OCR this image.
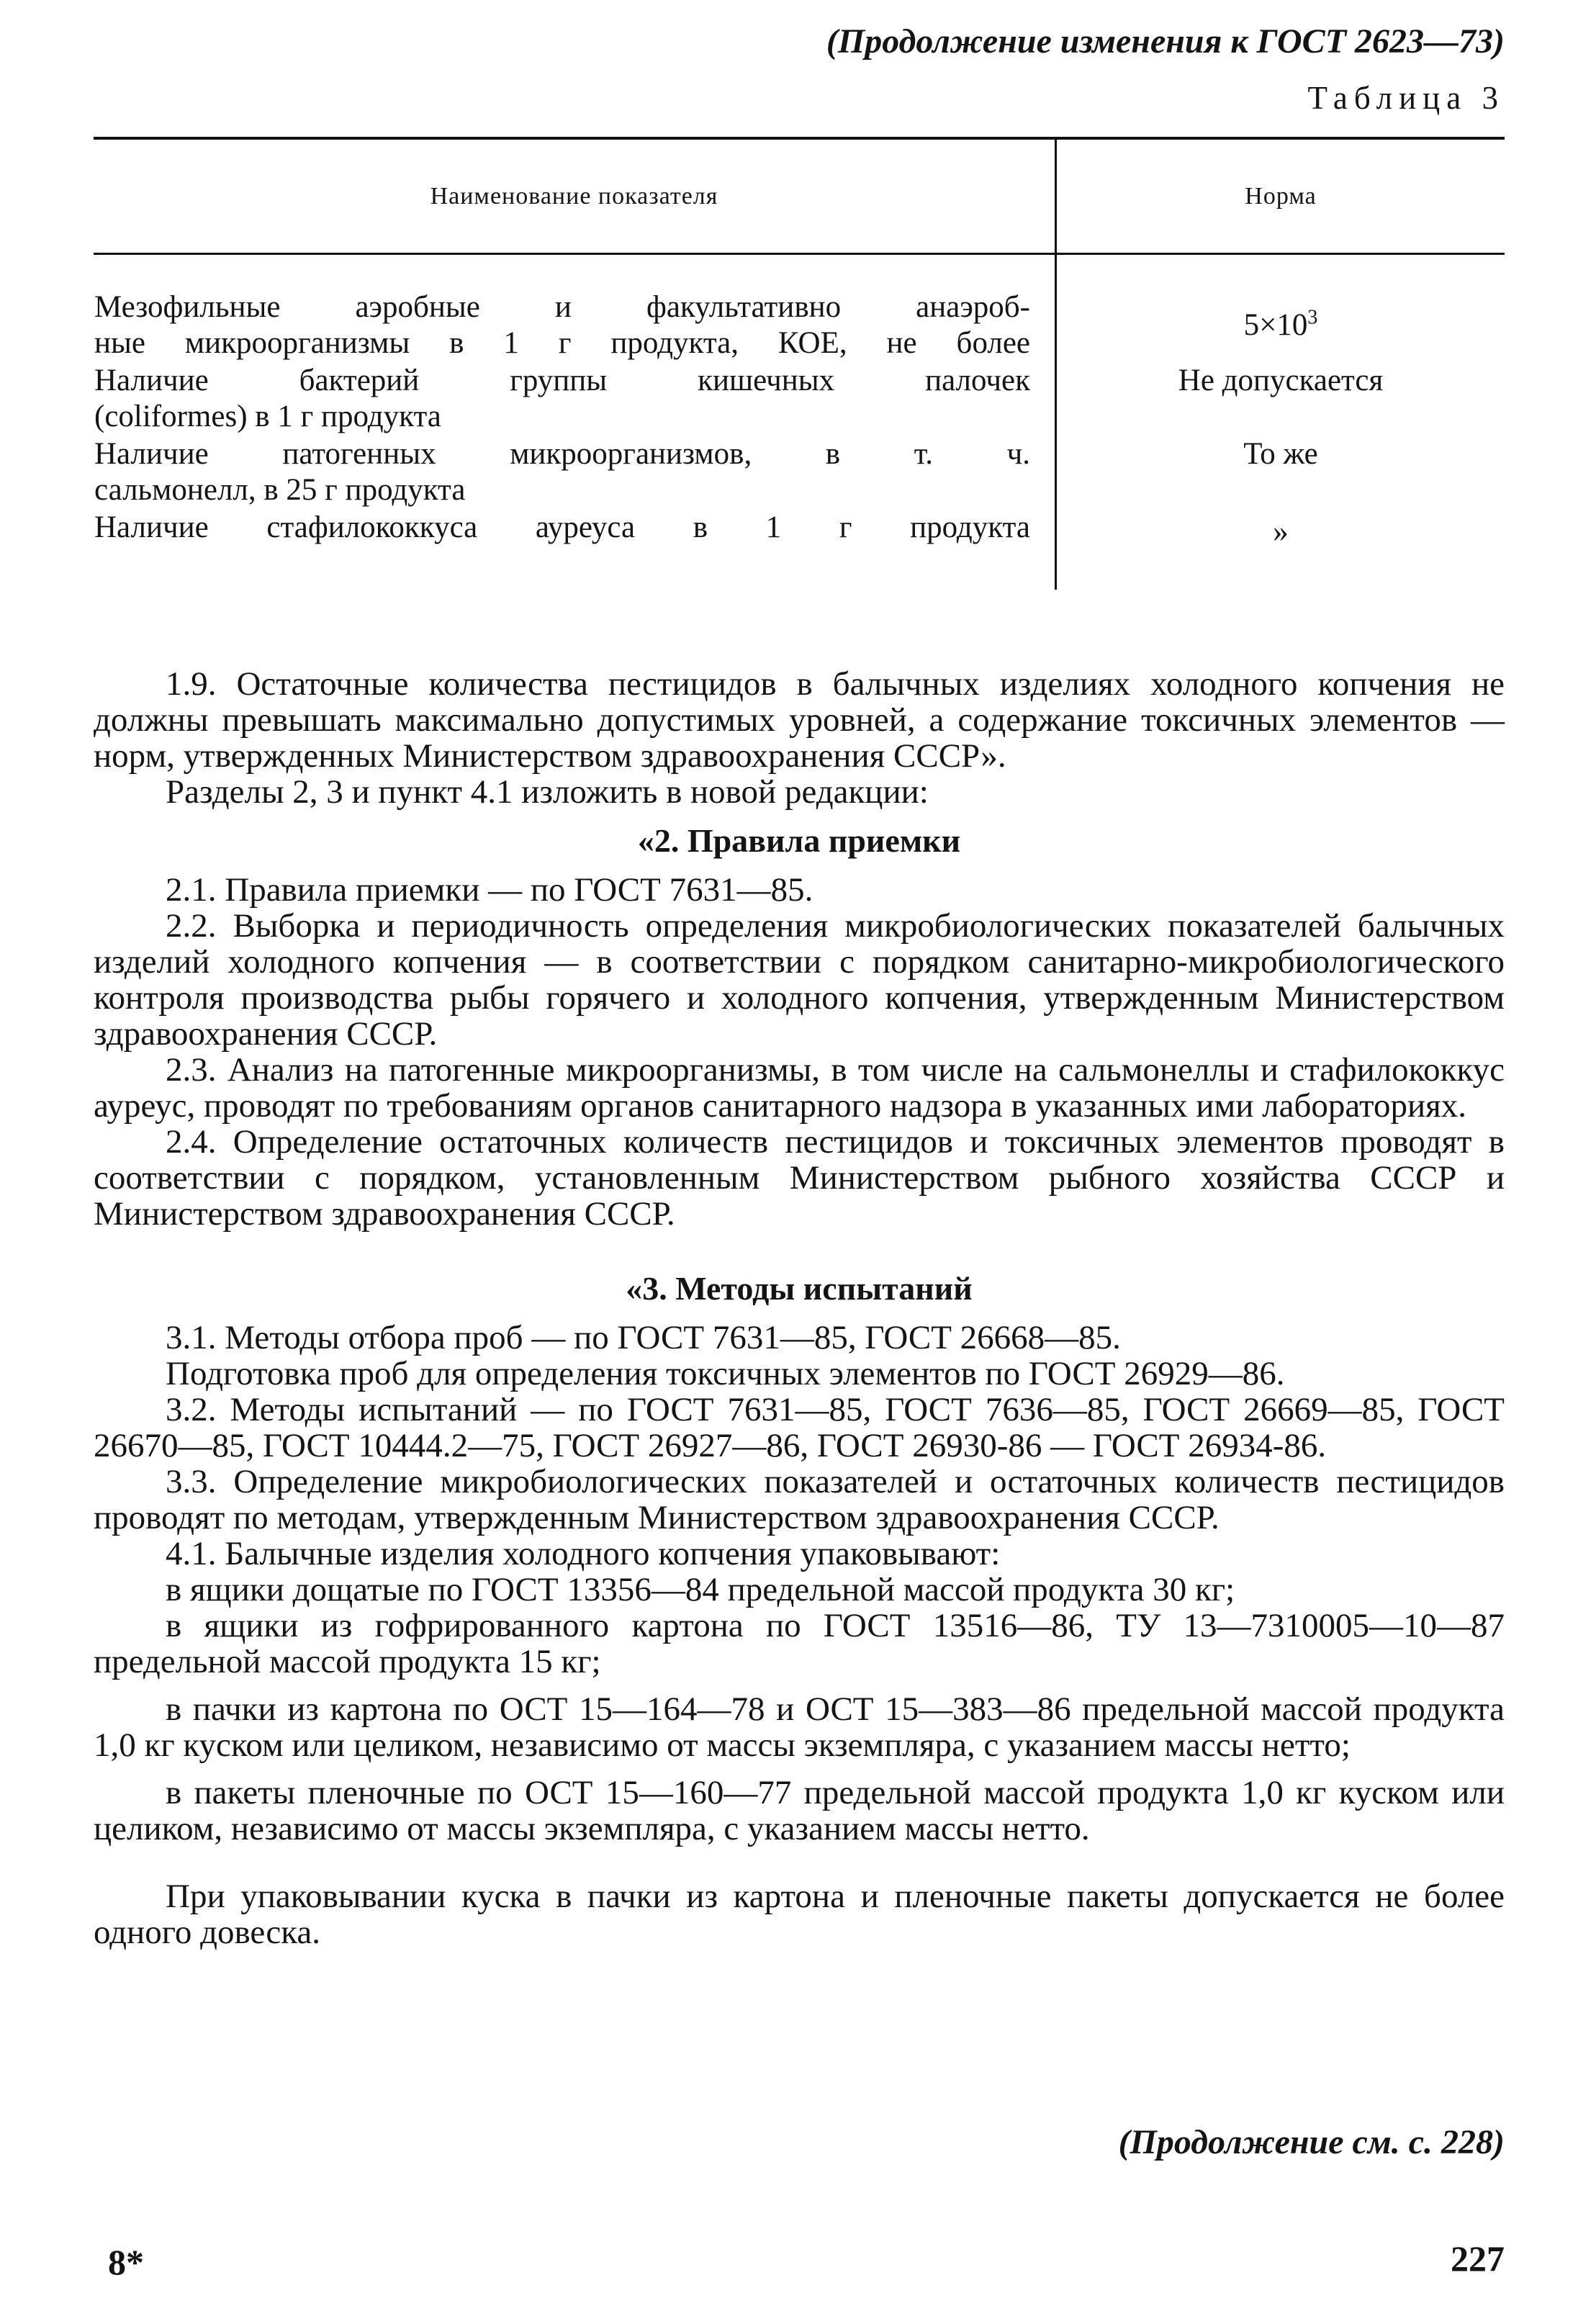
(Продолжение изменения к ГОСТ 2623—73)
Таблица 3
Наименование показателя	Норма

Мезофильные аэробные и факультативно анаэроб-
ные микроорганизмы в 1 г продукта, КОЕ, не более	$5\times 10^3$

Наличие бактерий группы кишечных палочек
(coliformes) в 1 г продукта	Не допускается

Наличие патогенных микроорганизмов, в т. ч.
сальмонелл, в 25 г продукта	То же

Наличие стафилококкуса ауреуса в 1 г продукта	»

1.9. Остаточные количества пестицидов в балычных изделиях холодного копчения не должны превышать максимально допустимых уровней, а содержание токсичных элементов — норм, утвержденных Министерством здравоохранения СССР».

Разделы 2, 3 и пункт 4.1 изложить в новой редакции:

«2. Правила приемки

2.1. Правила приемки — по ГОСТ 7631—85.

2.2. Выборка и периодичность определения микробиологических показателей балычных изделий холодного копчения — в соответствии с порядком санитарно-микробиологического контроля производства рыбы горячего и холодного копчения, утвержденным Министерством здравоохранения СССР.

2.3. Анализ на патогенные микроорганизмы, в том числе на сальмонеллы и стафилококкус ауреус, проводят по требованиям органов санитарного надзора в указанных ими лабораториях.

2.4. Определение остаточных количеств пестицидов и токсичных элементов проводят в соответствии с порядком, установленным Министерством рыбного хозяйства СССР и Министерством здравоохранения СССР.

«3. Методы испытаний

3.1. Методы отбора проб — по ГОСТ 7631—85, ГОСТ 26668—85.

Подготовка проб для определения токсичных элементов по ГОСТ 26929—86.

3.2. Методы испытаний — по ГОСТ 7631—85, ГОСТ 7636—85, ГОСТ 26669—85, ГОСТ 26670—85, ГОСТ 10444.2—75, ГОСТ 26927—86, ГОСТ 26930-86 — ГОСТ 26934-86.

3.3. Определение микробиологических показателей и остаточных количеств пестицидов проводят по методам, утвержденным Министерством здравоохранения СССР.

4.1. Балычные изделия холодного копчения упаковывают:

в ящики дощатые по ГОСТ 13356—84 предельной массой продукта 30 кг;

в ящики из гофрированного картона по ГОСТ 13516—86, ТУ 13—7310005—10—87 предельной массой продукта 15 кг;

в пачки из картона по ОСТ 15—164—78 и ОСТ 15—383—86 предельной массой продукта 1,0 кг куском или целиком, независимо от массы экземпляра, с указанием массы нетто;

в пакеты пленочные по ОСТ 15—160—77 предельной массой продукта 1,0 кг куском или целиком, независимо от массы экземпляра, с указанием массы нетто.

При упаковывании куска в пачки из картона и пленочные пакеты допускается не более одного довеска.

(Продолжение см. с. 228)
8*	227
